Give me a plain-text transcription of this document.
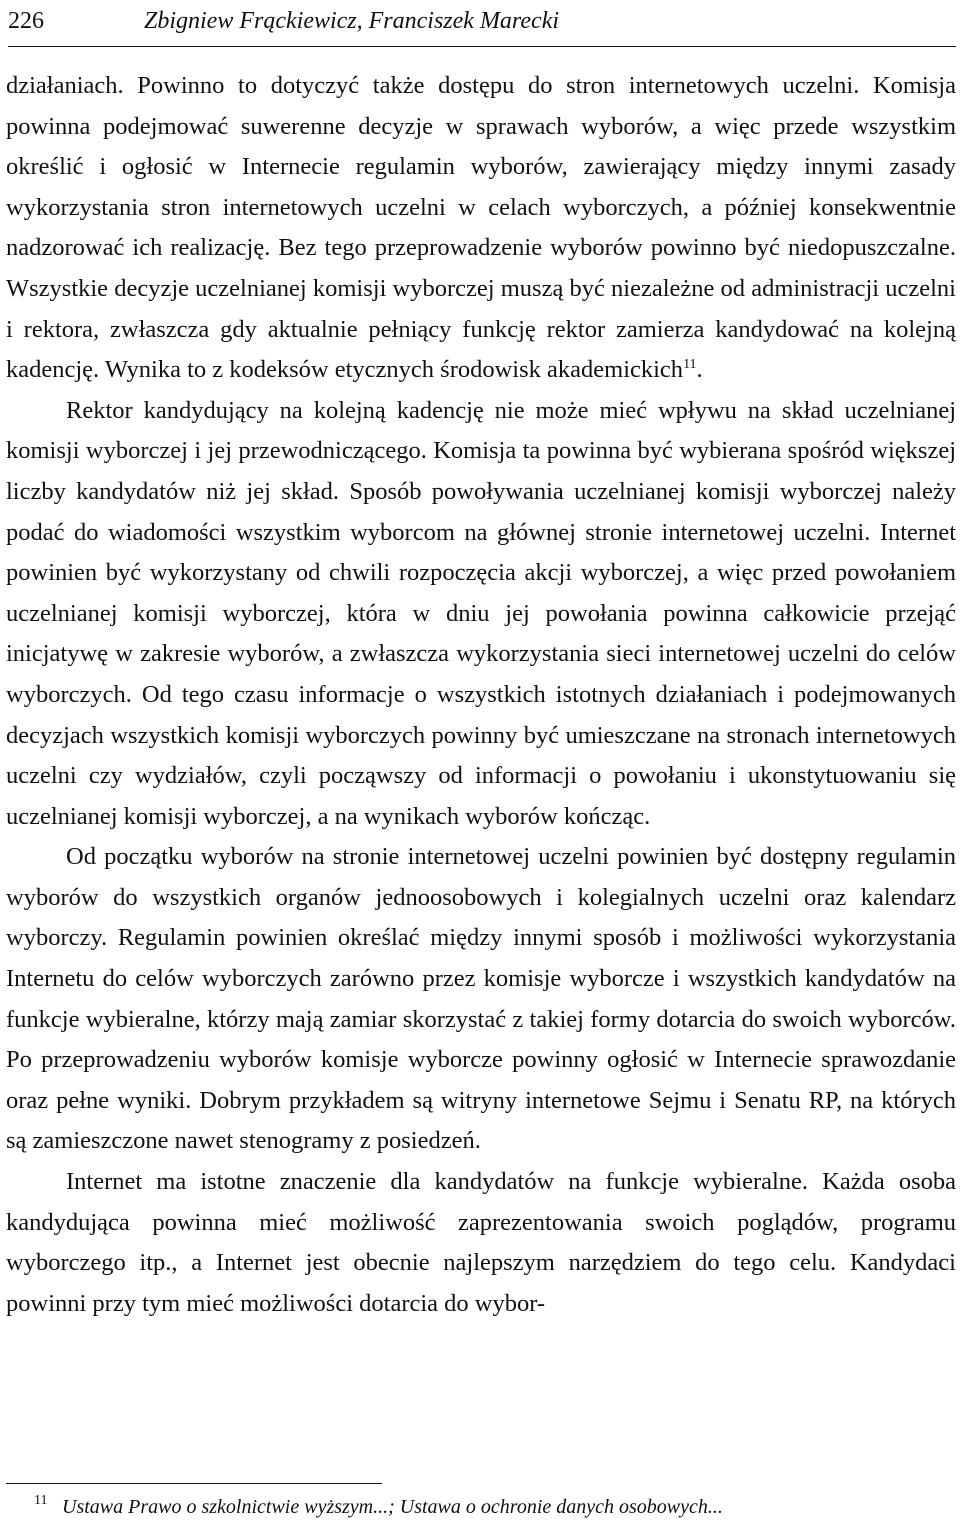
226	Zbigniew Frąckiewicz, Franciszek Marecki

działaniach. Powinno to dotyczyć także dostępu do stron internetowych uczelni. Komisja powinna podejmować suwerenne decyzje w sprawach wyborów, a więc przede wszystkim określić i ogłosić w Internecie regulamin wyborów, zawierający między innymi zasady wykorzystania stron internetowych uczelni w celach wyborczych, a później konsekwentnie nadzorować ich realizację. Bez tego przeprowadzenie wyborów powinno być niedopuszczalne. Wszystkie decyzje uczelnianej komisji wyborczej muszą być niezależne od administracji uczelni i rektora, zwłaszcza gdy aktualnie pełniący funkcję rektor zamierza kandydować na kolejną kadencję. Wynika to z kodeksów etycznych środowisk akademickich$^{11}$.

Rektor kandydujący na kolejną kadencję nie może mieć wpływu na skład uczelnianej komisji wyborczej i jej przewodniczącego. Komisja ta powinna być wybierana spośród większej liczby kandydatów niż jej skład. Sposób powoływania uczelnianej komisji wyborczej należy podać do wiadomości wszystkim wyborcom na głównej stronie internetowej uczelni. Internet powinien być wykorzystany od chwili rozpoczęcia akcji wyborczej, a więc przed powołaniem uczelnianej komisji wyborczej, która w dniu jej powołania powinna całkowicie przejąć inicjatywę w zakresie wyborów, a zwłaszcza wykorzystania sieci internetowej uczelni do celów wyborczych. Od tego czasu informacje o wszystkich istotnych działaniach i podejmowanych decyzjach wszystkich komisji wyborczych powinny być umieszczane na stronach internetowych uczelni czy wydziałów, czyli począwszy od informacji o powołaniu i ukonstytuowaniu się uczelnianej komisji wyborczej, a na wynikach wyborów kończąc.

Od początku wyborów na stronie internetowej uczelni powinien być dostępny regulamin wyborów do wszystkich organów jednoosobowych i kolegialnych uczelni oraz kalendarz wyborczy. Regulamin powinien określać między innymi sposób i możliwości wykorzystania Internetu do celów wyborczych zarówno przez komisje wyborcze i wszystkich kandydatów na funkcje wybieralne, którzy mają zamiar skorzystać z takiej formy dotarcia do swoich wyborców. Po przeprowadzeniu wyborów komisje wyborcze powinny ogłosić w Internecie sprawozdanie oraz pełne wyniki. Dobrym przykładem są witryny internetowe Sejmu i Senatu RP, na których są zamieszczone nawet stenogramy z posiedzeń.

Internet ma istotne znaczenie dla kandydatów na funkcje wybieralne. Każda osoba kandydująca powinna mieć możliwość zaprezentowania swoich poglądów, programu wyborczego itp., a Internet jest obecnie najlepszym narzędziem do tego celu. Kandydaci powinni przy tym mieć możliwości dotarcia do wybor-

11 Ustawa Prawo o szkolnictwie wyższym...; Ustawa o ochronie danych osobowych...
